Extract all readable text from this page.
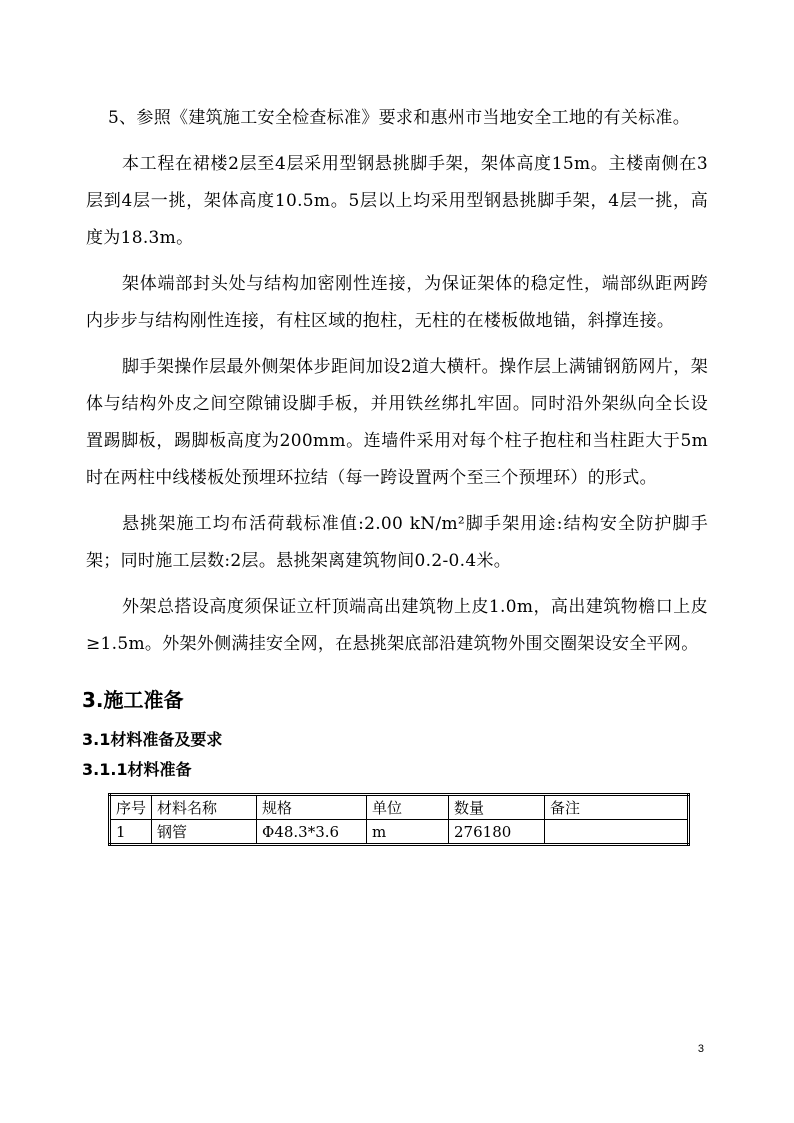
5、参照《建筑施工安全检查标准》要求和惠州市当地安全工地的有关标准。

本工程在裙楼2层至4层采用型钢悬挑脚手架，架体高度15m。主楼南侧在3层到4层一挑，架体高度10.5m。5层以上均采用型钢悬挑脚手架，4层一挑，高度为18.3m。

架体端部封头处与结构加密刚性连接，为保证架体的稳定性，端部纵距两跨内步步与结构刚性连接，有柱区域的抱柱，无柱的在楼板做地锚，斜撑连接。

脚手架操作层最外侧架体步距间加设2道大横杆。操作层上满铺钢筋网片，架体与结构外皮之间空隙铺设脚手板，并用铁丝绑扎牢固。同时沿外架纵向全长设置踢脚板，踢脚板高度为200mm。连墙件采用对每个柱子抱柱和当柱距大于5m时在两柱中线楼板处预埋环拉结（每一跨设置两个至三个预埋环）的形式。

悬挑架施工均布活荷载标准值:2.00 kN/m²脚手架用途:结构安全防护脚手架；同时施工层数:2层。悬挑架离建筑物间0.2-0.4米。

外架总搭设高度须保证立杆顶端高出建筑物上皮1.0m，高出建筑物檐口上皮≥1.5m。外架外侧满挂安全网，在悬挑架底部沿建筑物外围交圈架设安全平网。

3.施工准备
3.1材料准备及要求
3.1.1材料准备
序号	材料名称	规格	单位	数量	备注
1	钢管	Φ48.3*3.6	m	276180	
3
